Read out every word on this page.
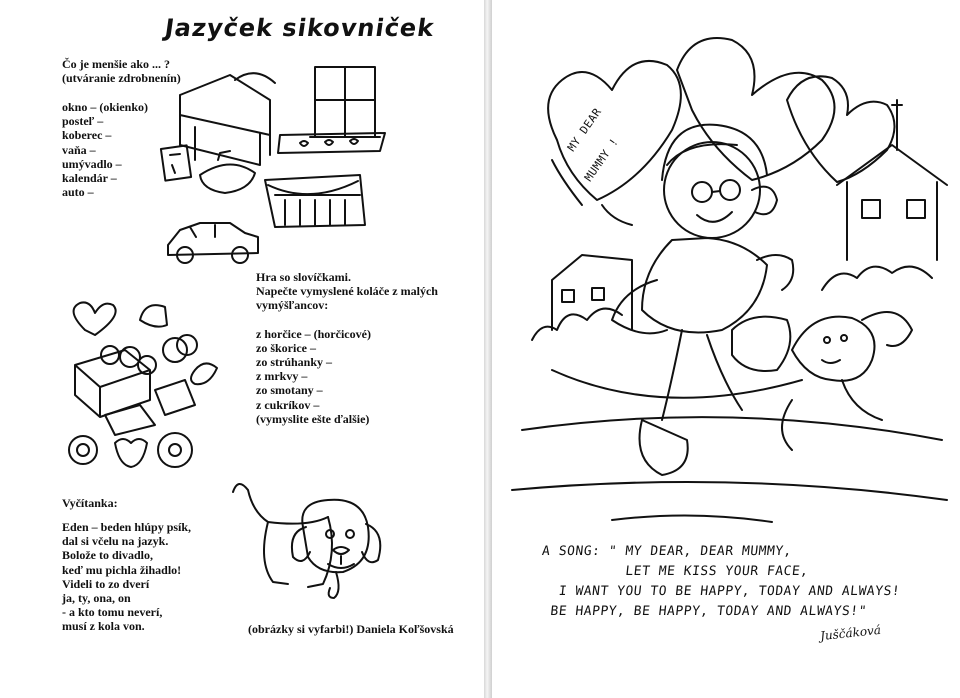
Jazyček sikovniček
Čo je menšie ako ... ?
(utváranie zdrobnenín)
okno – (okienko)
posteľ –
koberec –
vaňa –
umývadlo –
kalendár –
auto –
Hra so slovíčkami.
Napečte vymyslené koláče z malých
vymýšľancov:
z horčice – (horčicové)
zo škorice –
zo strúhanky –
z mrkvy –
zo smotany –
z cukríkov –
(vymyslite ešte ďalšie)
Vyčítanka:
Eden – beden hlúpy psík,
dal si včelu na jazyk.
Bolože to divadlo,
keď mu pichla žihadlo!
Videli to zo dverí
ja, ty, ona, on
- a kto tomu neverí,
musí z kola von.	(obrázky si vyfarbi!) Daniela Koľšovská
MY DEAR
MUMMY !
A SONG: " MY DEAR, DEAR MUMMY,
LET ME KISS YOUR FACE,
I WANT YOU TO BE HAPPY, TODAY AND ALWAYS!
BE HAPPY, BE HAPPY, TODAY AND ALWAYS!"
Juščáková
